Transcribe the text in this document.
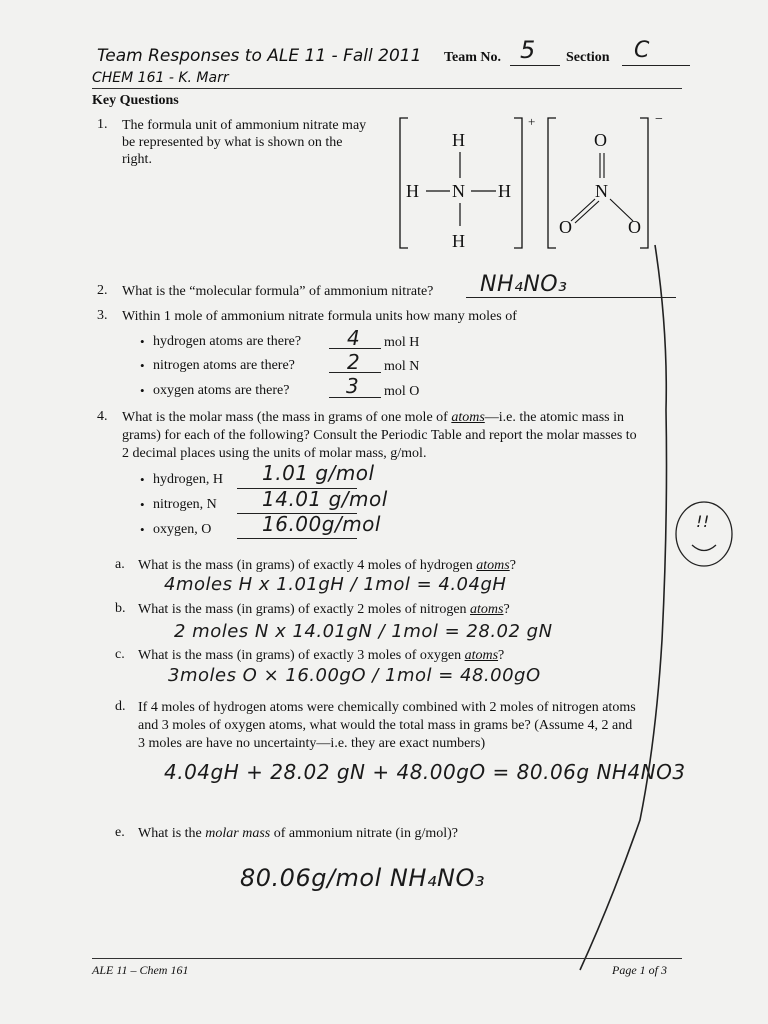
Team Responses to ALE 11 - Fall 2011
CHEM 161 - K. Marr
Team No. 5 Section C
Key Questions
1. The formula unit of ammonium nitrate may be represented by what is shown on the right.
H
H N H
H
+
O
N
O	O
−
2. What is the “molecular formula” of ammonium nitrate? NH₄NO₃
3. Within 1 mole of ammonium nitrate formula units how many moles of
• hydrogen atoms are there? 4 mol H
• nitrogen atoms are there?	2 mol N
• oxygen atoms are there?	3 mol O
4. What is the molar mass (the mass in grams of one mole of atoms—i.e. the atomic mass in
grams) for each of the following? Consult the Periodic Table and report the molar masses to
2 decimal places using the units of molar mass, g/mol.
• hydrogen, H 1.01 g/mol
• nitrogen, N 14.01 g/mol
• oxygen, O	16.00g/mol
a. What is the mass (in grams) of exactly 4 moles of hydrogen atoms?
4moles H x 1.01gH / 1mol = 4.04gH
b. What is the mass (in grams) of exactly 2 moles of nitrogen atoms?
2 moles N x 14.01gN / 1mol = 28.02 gN
c. What is the mass (in grams) of exactly 3 moles of oxygen atoms?
3moles O × 16.00gO / 1mol = 48.00gO
d. If 4 moles of hydrogen atoms were chemically combined with 2 moles of nitrogen atoms
and 3 moles of oxygen atoms, what would the total mass in grams be? (Assume 4, 2 and
3 moles are have no uncertainty—i.e. they are exact numbers)
4.04gH + 28.02 gN + 48.00gO = 80.06g NH4NO3
e. What is the molar mass of ammonium nitrate (in g/mol)?
80.06g/mol NH₄NO₃
!!
ALE 11 – Chem 161	Page 1 of 3
